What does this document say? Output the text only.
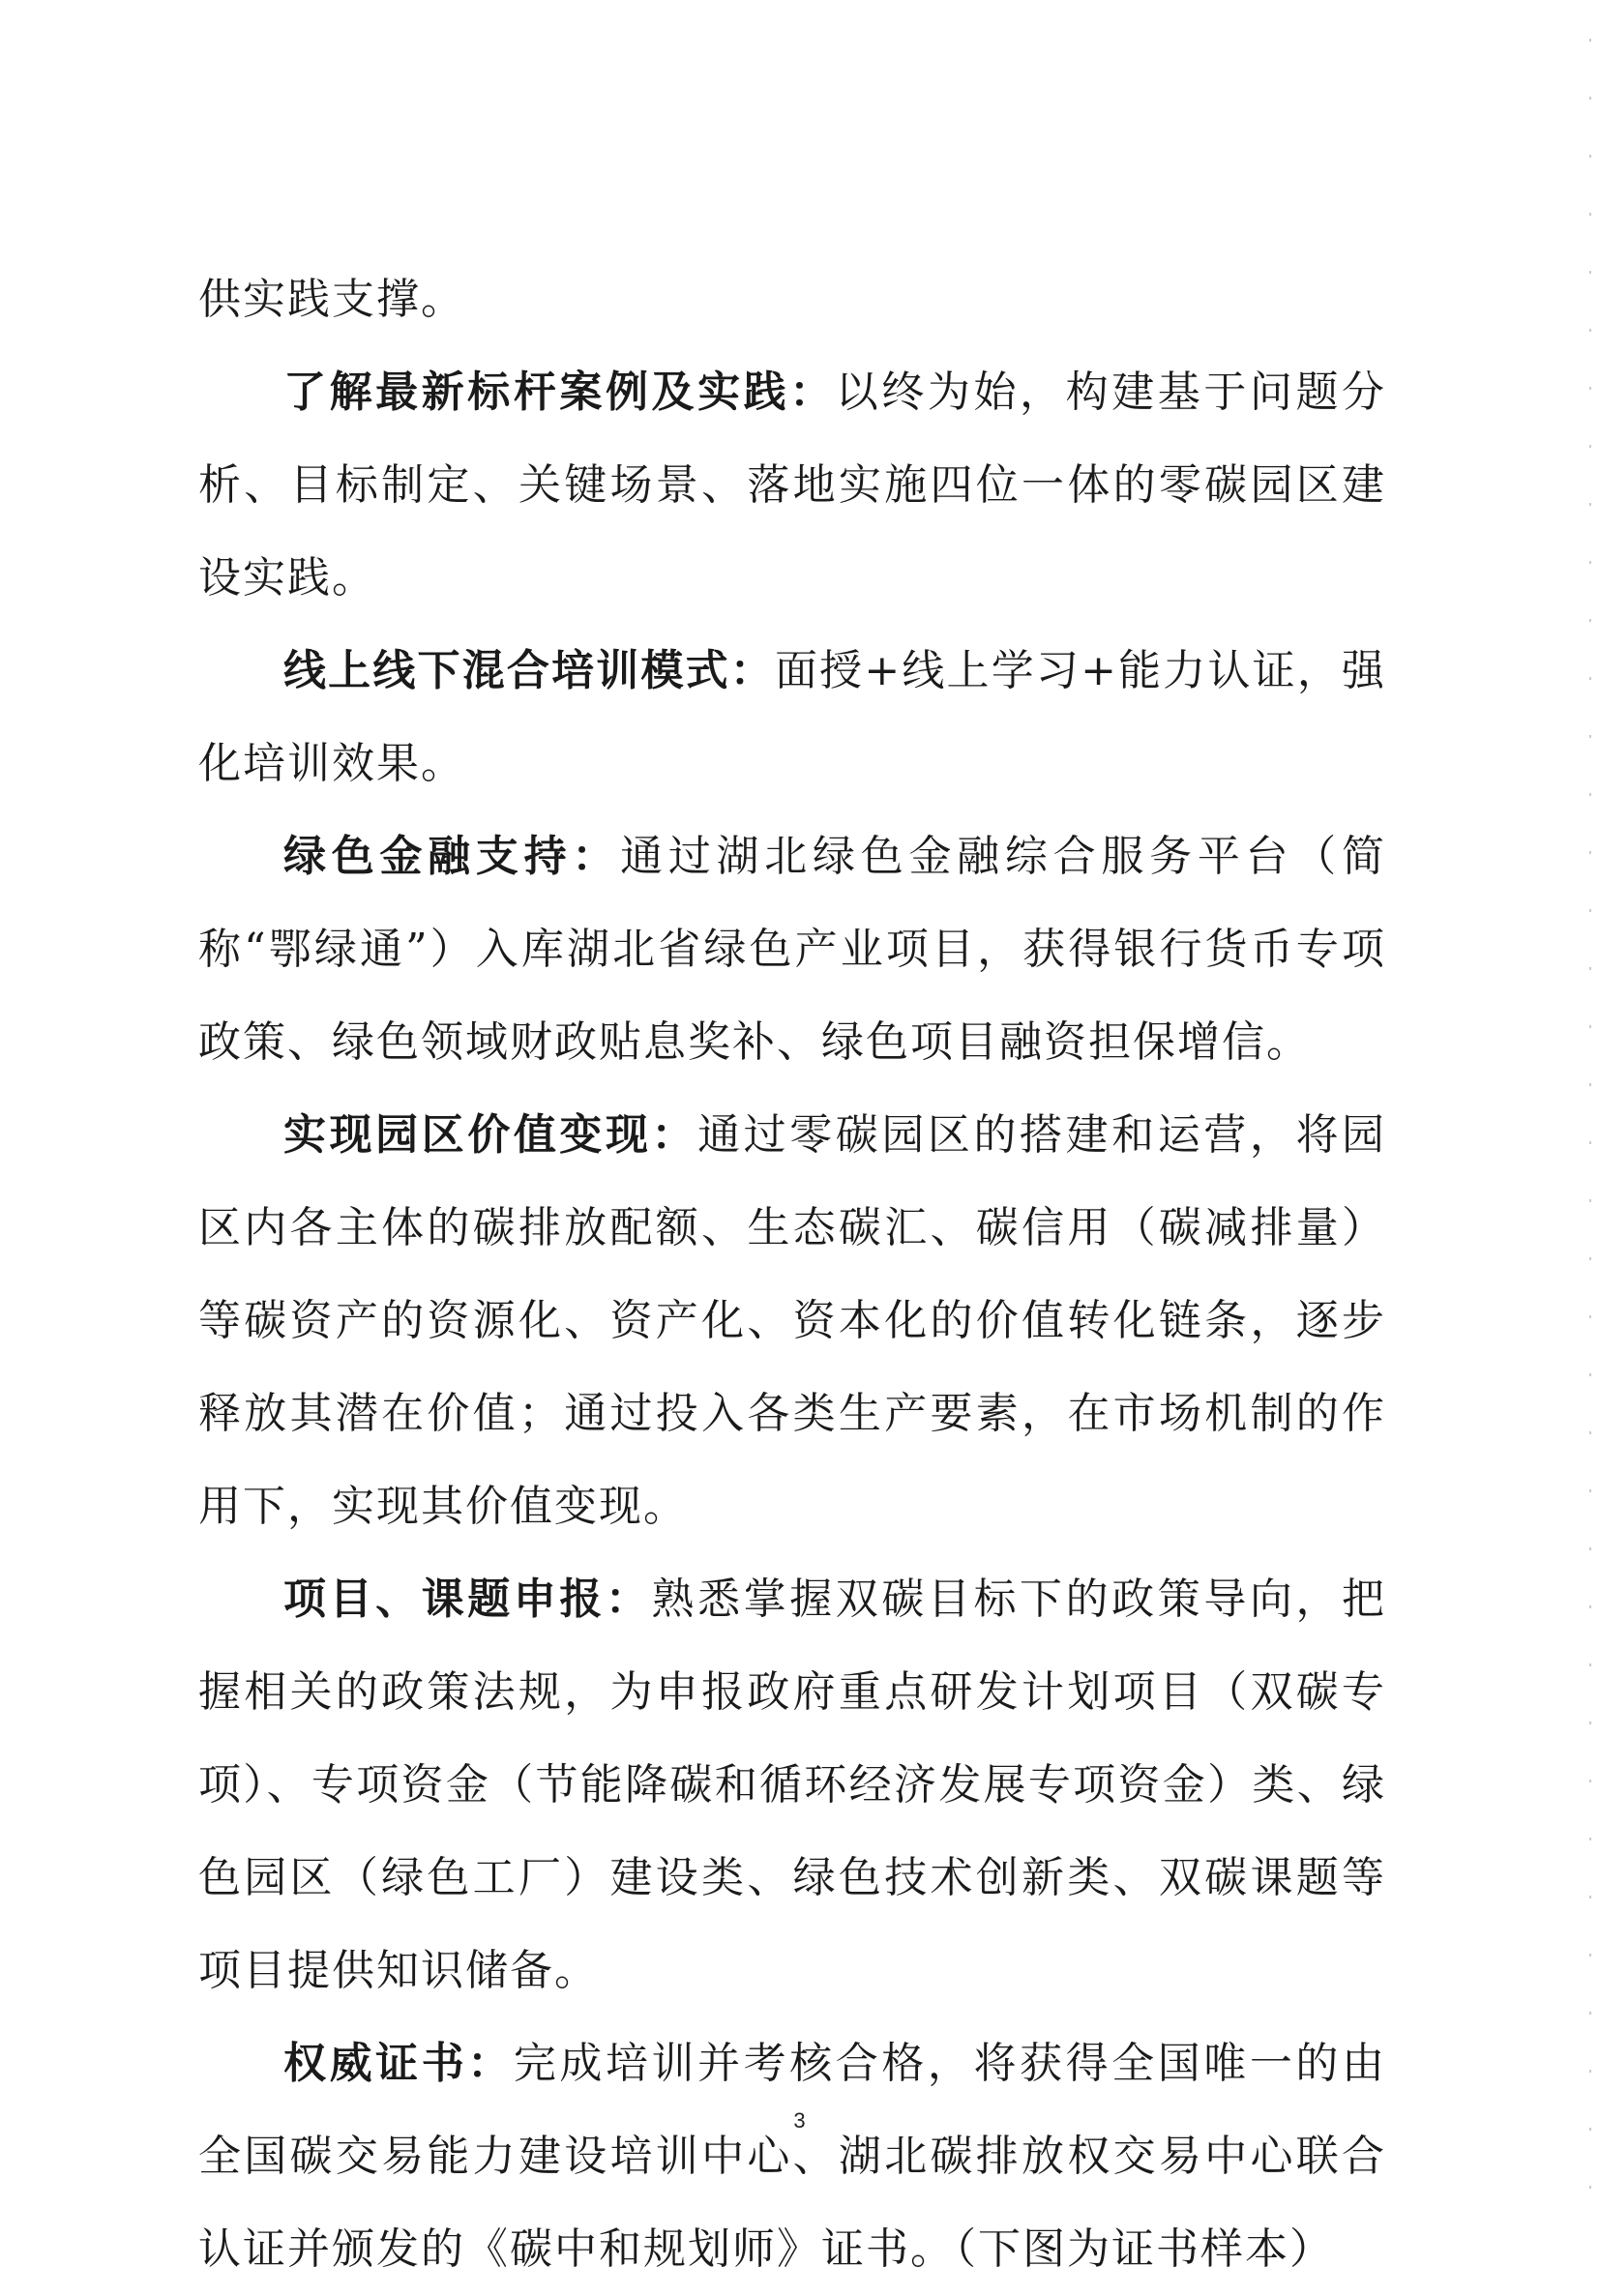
供实践支撑。

了解最新标杆案例及实践：以终为始，构建基于问题分析、目标制定、关键场景、落地实施四位一体的零碳园区建设实践。

线上线下混合培训模式：面授+线上学习+能力认证，强化培训效果。

绿色金融支持：通过湖北绿色金融综合服务平台（简称“鄂绿通”）入库湖北省绿色产业项目，获得银行货币专项政策、绿色领域财政贴息奖补、绿色项目融资担保增信。

实现园区价值变现：通过零碳园区的搭建和运营，将园区内各主体的碳排放配额、生态碳汇、碳信用（碳减排量）等碳资产的资源化、资产化、资本化的价值转化链条，逐步释放其潜在价值；通过投入各类生产要素，在市场机制的作用下，实现其价值变现。

项目、课题申报：熟悉掌握双碳目标下的政策导向，把握相关的政策法规，为申报政府重点研发计划项目（双碳专项）、专项资金（节能降碳和循环经济发展专项资金）类、绿色园区（绿色工厂）建设类、绿色技术创新类、双碳课题等项目提供知识储备。

权威证书：完成培训并考核合格，将获得全国唯一的由全国碳交易能力建设培训中心、湖北碳排放权交易中心联合认证并颁发的《碳中和规划师》证书。（下图为证书样本）

3
